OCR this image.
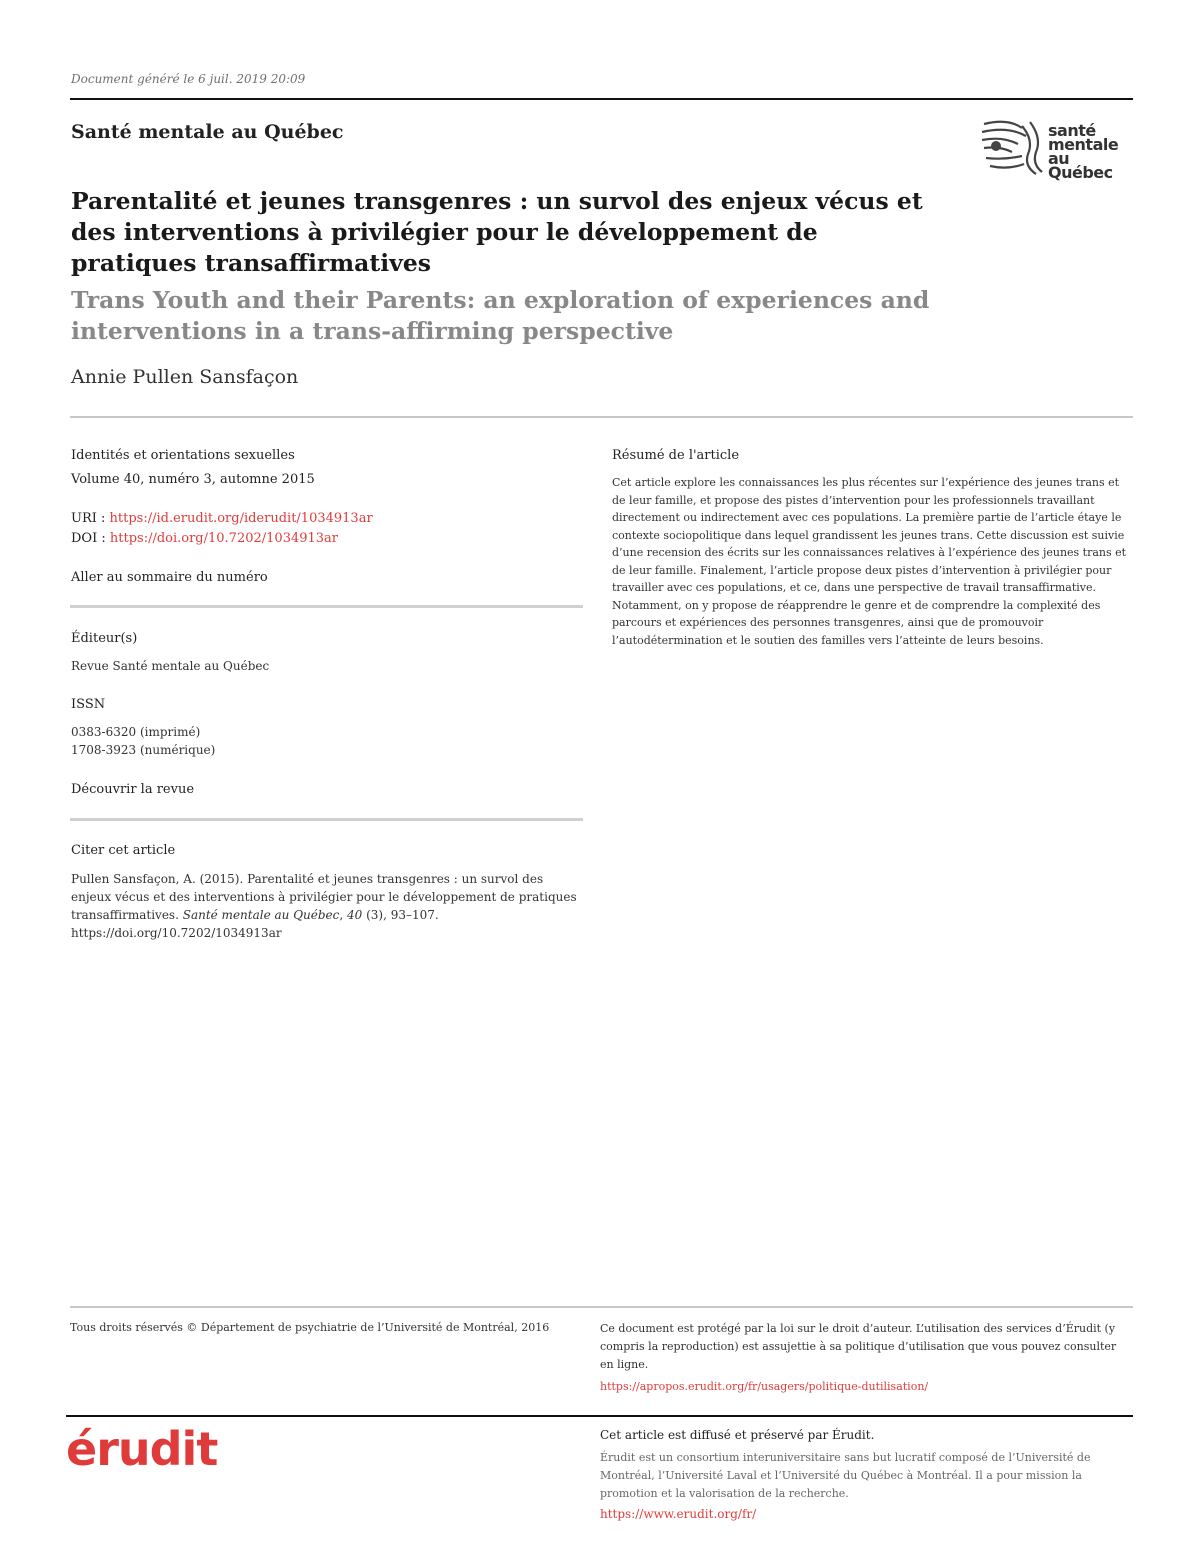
Document généré le 6 juil. 2019 20:09
Santé mentale au Québec	santé
mentale
au Québec
Parentalité et jeunes transgenres : un survol des enjeux vécus et des interventions à privilégier pour le développement de pratiques transaffirmatives
Trans Youth and their Parents: an exploration of experiences and interventions in a trans-affirming perspective
Annie Pullen Sansfaçon
Identités et orientations sexuelles
Volume 40, numéro 3, automne 2015
URI : https://id.erudit.org/iderudit/1034913ar
DOI : https://doi.org/10.7202/1034913ar
Aller au sommaire du numéro
Éditeur(s)
Revue Santé mentale au Québec
ISSN
0383-6320 (imprimé)
1708-3923 (numérique)
Découvrir la revue
Citer cet article
Pullen Sansfaçon, A. (2015). Parentalité et jeunes transgenres : un survol des enjeux vécus et des interventions à privilégier pour le développement de pratiques transaffirmatives. Santé mentale au Québec, 40 (3), 93–107.
https://doi.org/10.7202/1034913ar
Résumé de l'article
Cet article explore les connaissances les plus récentes sur l’expérience des jeunes trans et de leur famille, et propose des pistes d’intervention pour les professionnels travaillant directement ou indirectement avec ces populations. La première partie de l’article étaye le contexte sociopolitique dans lequel grandissent les jeunes trans. Cette discussion est suivie d’une recension des écrits sur les connaissances relatives à l’expérience des jeunes trans et de leur famille. Finalement, l’article propose deux pistes d’intervention à privilégier pour travailler avec ces populations, et ce, dans une perspective de travail transaffirmative. Notamment, on y propose de réapprendre le genre et de comprendre la complexité des parcours et expériences des personnes transgenres, ainsi que de promouvoir l’autodétermination et le soutien des familles vers l’atteinte de leurs besoins.
Tous droits réservés © Département de psychiatrie de l’Université de Montréal, 2016	Ce document est protégé par la loi sur le droit d’auteur. L’utilisation des services d’Érudit (y compris la reproduction) est assujettie à sa politique d’utilisation que vous pouvez consulter en ligne.
https://apropos.erudit.org/fr/usagers/politique-dutilisation/
érudit	Cet article est diffusé et préservé par Érudit.
Érudit est un consortium interuniversitaire sans but lucratif composé de l’Université de Montréal, l’Université Laval et l’Université du Québec à Montréal. Il a pour mission la promotion et la valorisation de la recherche.
https://www.erudit.org/fr/
